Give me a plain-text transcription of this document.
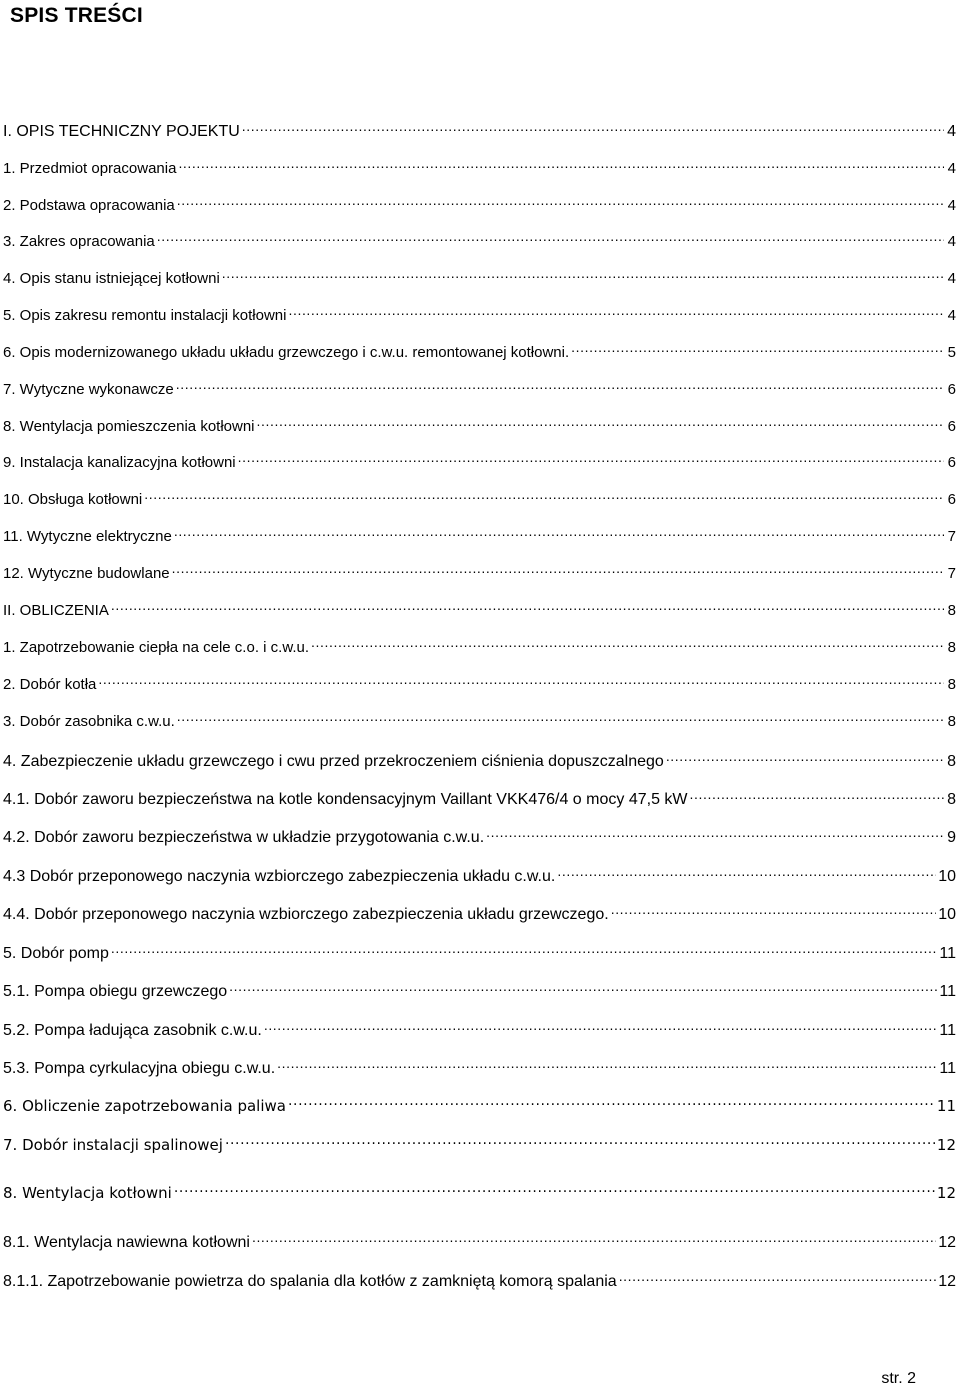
SPIS TREŚCI
I. OPIS TECHNICZNY POJEKTU .....	4
1. Przedmiot opracowania .....	4
2. Podstawa opracowania .....	4
3. Zakres opracowania .....	4
4. Opis stanu istniejącej kotłowni .....	4
5. Opis zakresu remontu instalacji kotłowni .....	4
6. Opis modernizowanego układu układu grzewczego i c.w.u. remontowanej kotłowni. .....	5
7. Wytyczne wykonawcze .....	6
8. Wentylacja pomieszczenia kotłowni .....	6
9. Instalacja kanalizacyjna kotłowni .....	6
10. Obsługa kotłowni .....	6
11. Wytyczne elektryczne .....	7
12. Wytyczne budowlane .....	7
II. OBLICZENIA .....	8
1. Zapotrzebowanie ciepła na cele c.o. i c.w.u. .....	8
2. Dobór kotła .....	8
3. Dobór zasobnika c.w.u. .....	8
4. Zabezpieczenie układu grzewczego i cwu przed przekroczeniem ciśnienia dopuszczalnego .....	8
4.1. Dobór zaworu bezpieczeństwa na kotle kondensacyjnym Vaillant VKK476/4 o mocy 47,5 kW .....	8
4.2. Dobór zaworu bezpieczeństwa w układzie przygotowania c.w.u. .....	9
4.3 Dobór przeponowego naczynia wzbiorczego zabezpieczenia układu c.w.u. .....	10
4.4. Dobór przeponowego naczynia wzbiorczego zabezpieczenia układu grzewczego. .....	10
5. Dobór pomp .....	11
5.1. Pompa obiegu grzewczego .....	11
5.2. Pompa ładująca zasobnik c.w.u. .....	11
5.3. Pompa cyrkulacyjna obiegu c.w.u. .....	11
6. Obliczenie zapotrzebowania paliwa .....	11
7. Dobór instalacji spalinowej .....	12
8. Wentylacja kotłowni .....	12
8.1. Wentylacja nawiewna kotłowni .....	12
8.1.1. Zapotrzebowanie powietrza do spalania dla kotłów z zamkniętą komorą spalania .....	12
str. 2
